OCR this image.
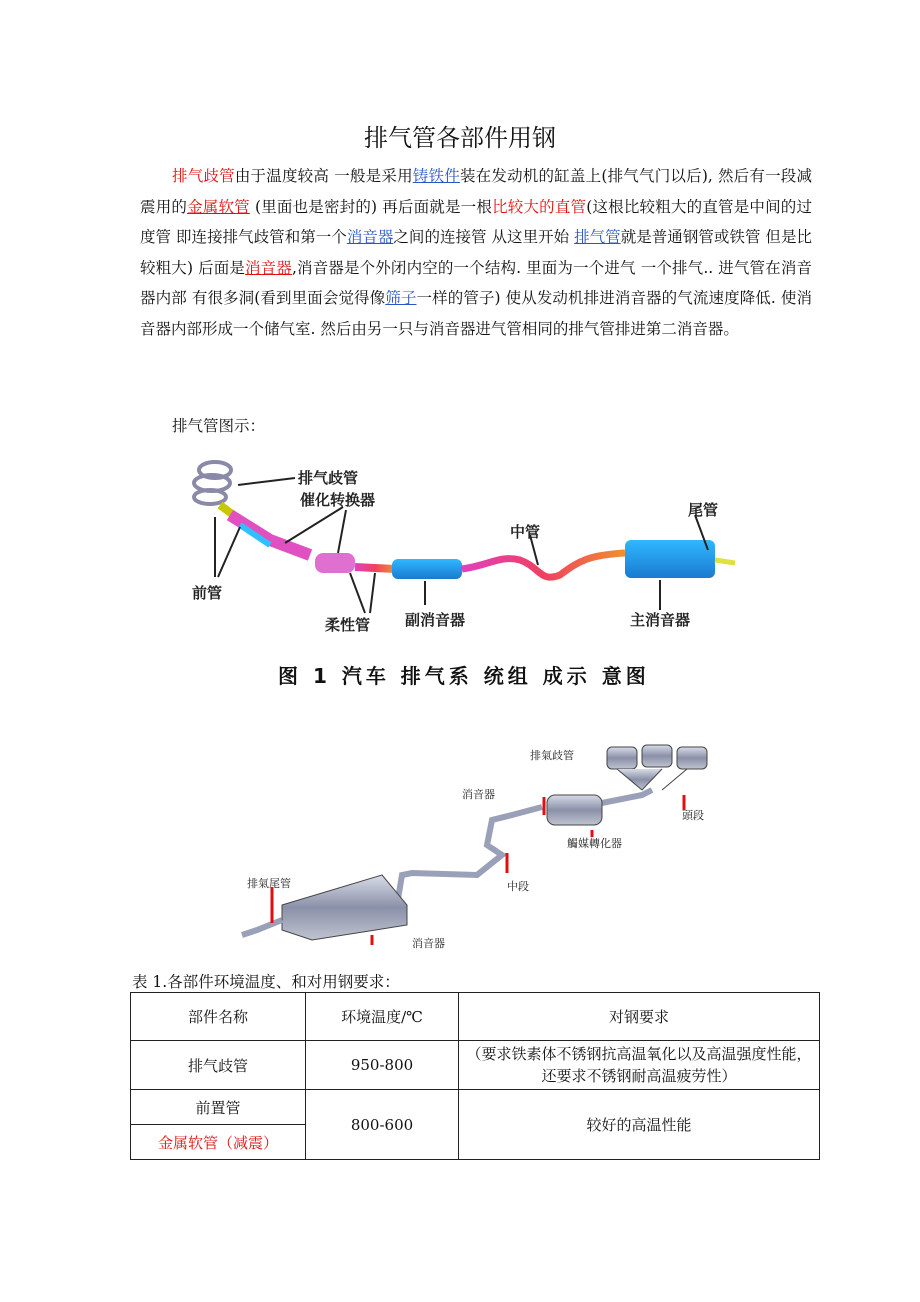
排气管各部件用钢

排气歧管由于温度较高 一般是采用铸铁件装在发动机的缸盖上(排气气门以后), 然后有一段减震用的金属软管 (里面也是密封的) 再后面就是一根比较大的直管(这根比较粗大的直管是中间的过度管 即连接排气歧管和第一个消音器之间的连接管 从这里开始 排气管就是普通钢管或铁管 但是比较粗大) 后面是消音器,消音器是个外闭内空的一个结构. 里面为一个进气 一个排气.. 进气管在消音器内部 有很多洞(看到里面会觉得像筛子一样的管子) 使从发动机排进消音器的气流速度降低. 使消音器内部形成一个储气室. 然后由另一只与消音器进气管相同的排气管排进第二消音器。

排气管图示：
排气歧管
催化转换器
前管
柔性管 副消音器
中管
尾管
主消音器
图 1 汽车 排气系 统组 成示 意图
排氣歧管
消音器
頭段
觸媒轉化器
排氣尾管	中段
消音器
表 1.各部件环境温度、和对用钢要求：
部件名称	环境温度/℃	对钢要求
排气歧管	950-800	（要求铁素体不锈钢抗高温氧化以及高温强度性能，还要求不锈钢耐高温疲劳性）
前置管	800-600	较好的高温性能
金属软管（减震）		
